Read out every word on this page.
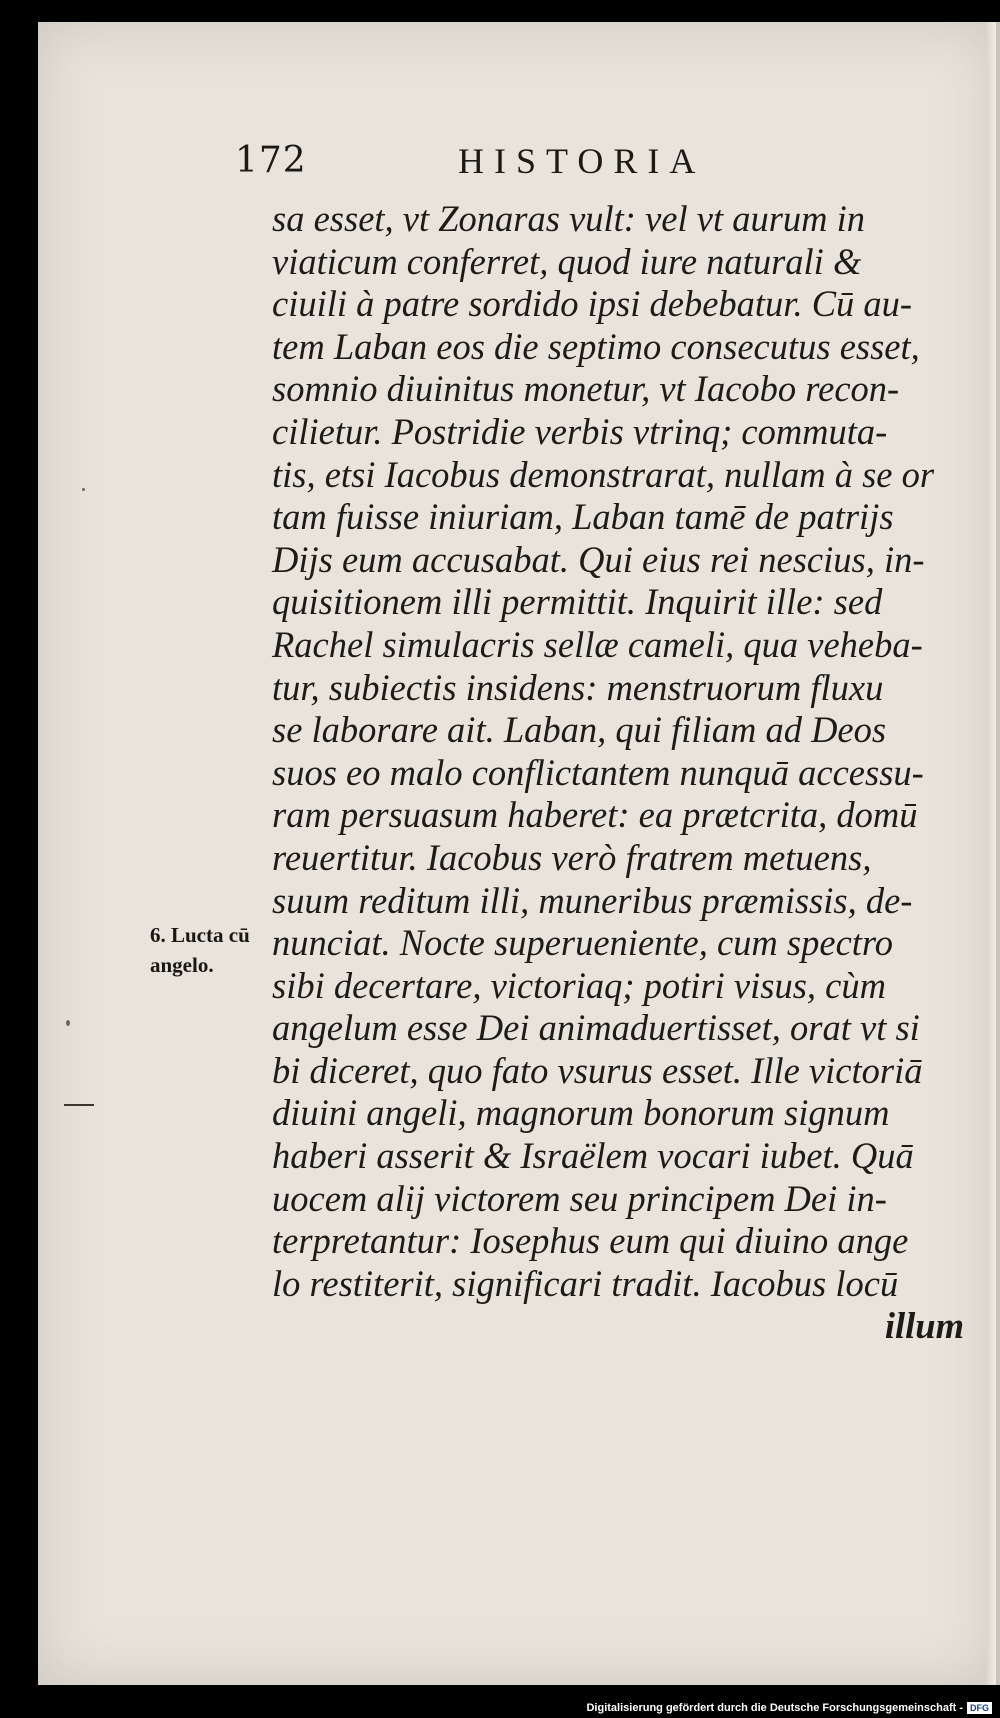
172	HISTORIA
sa esset, vt Zonaras vult: vel vt aurum in
viaticum conferret, quod iure naturali &
ciuili à patre sordido ipsi debebatur. Cū au-
tem Laban eos die septimo consecutus esset,
somnio diuinitus monetur, vt Iacobo recon-
cilietur. Postridie verbis vtrinq; commuta-
tis, etsi Iacobus demonstrarat, nullam à se or
tam fuisse iniuriam, Laban tamē de patrijs
Dijs eum accusabat. Qui eius rei nescius, in-
quisitionem illi permittit. Inquirit ille: sed
Rachel simulacris sellæ cameli, qua vehebа-
tur, subiectis insidens: menstruorum fluxu
se laborare ait. Laban, qui filiam ad Deos
suos eo malo conflictantem nunquā accessu-
ram persuasum haberet: ea prætcrita, domū
reuertitur. Iacobus verò fratrem metuens,
suum reditum illi, muneribus præmissis, de-
nunciat. Nocte superueniente, cum spectro
sibi decertare, victoriaq; potiri visus, cùm
angelum esse Dei animaduertisset, orat vt si
bi diceret, quo fato vsurus esset. Ille victoriā
diuini angeli, magnorum bonorum signum
haberi asserit & Israëlem vocari iubet. Quā
uocem alij victorem seu principem Dei in-
terpretantur: Iosephus eum qui diuino ange
lo restiterit, significari tradit. Iacobus locū
illum
6. Lucta cū
angelo.
Digitalisierung gefördert durch die Deutsche Forschungsgemeinschaft - DFG
